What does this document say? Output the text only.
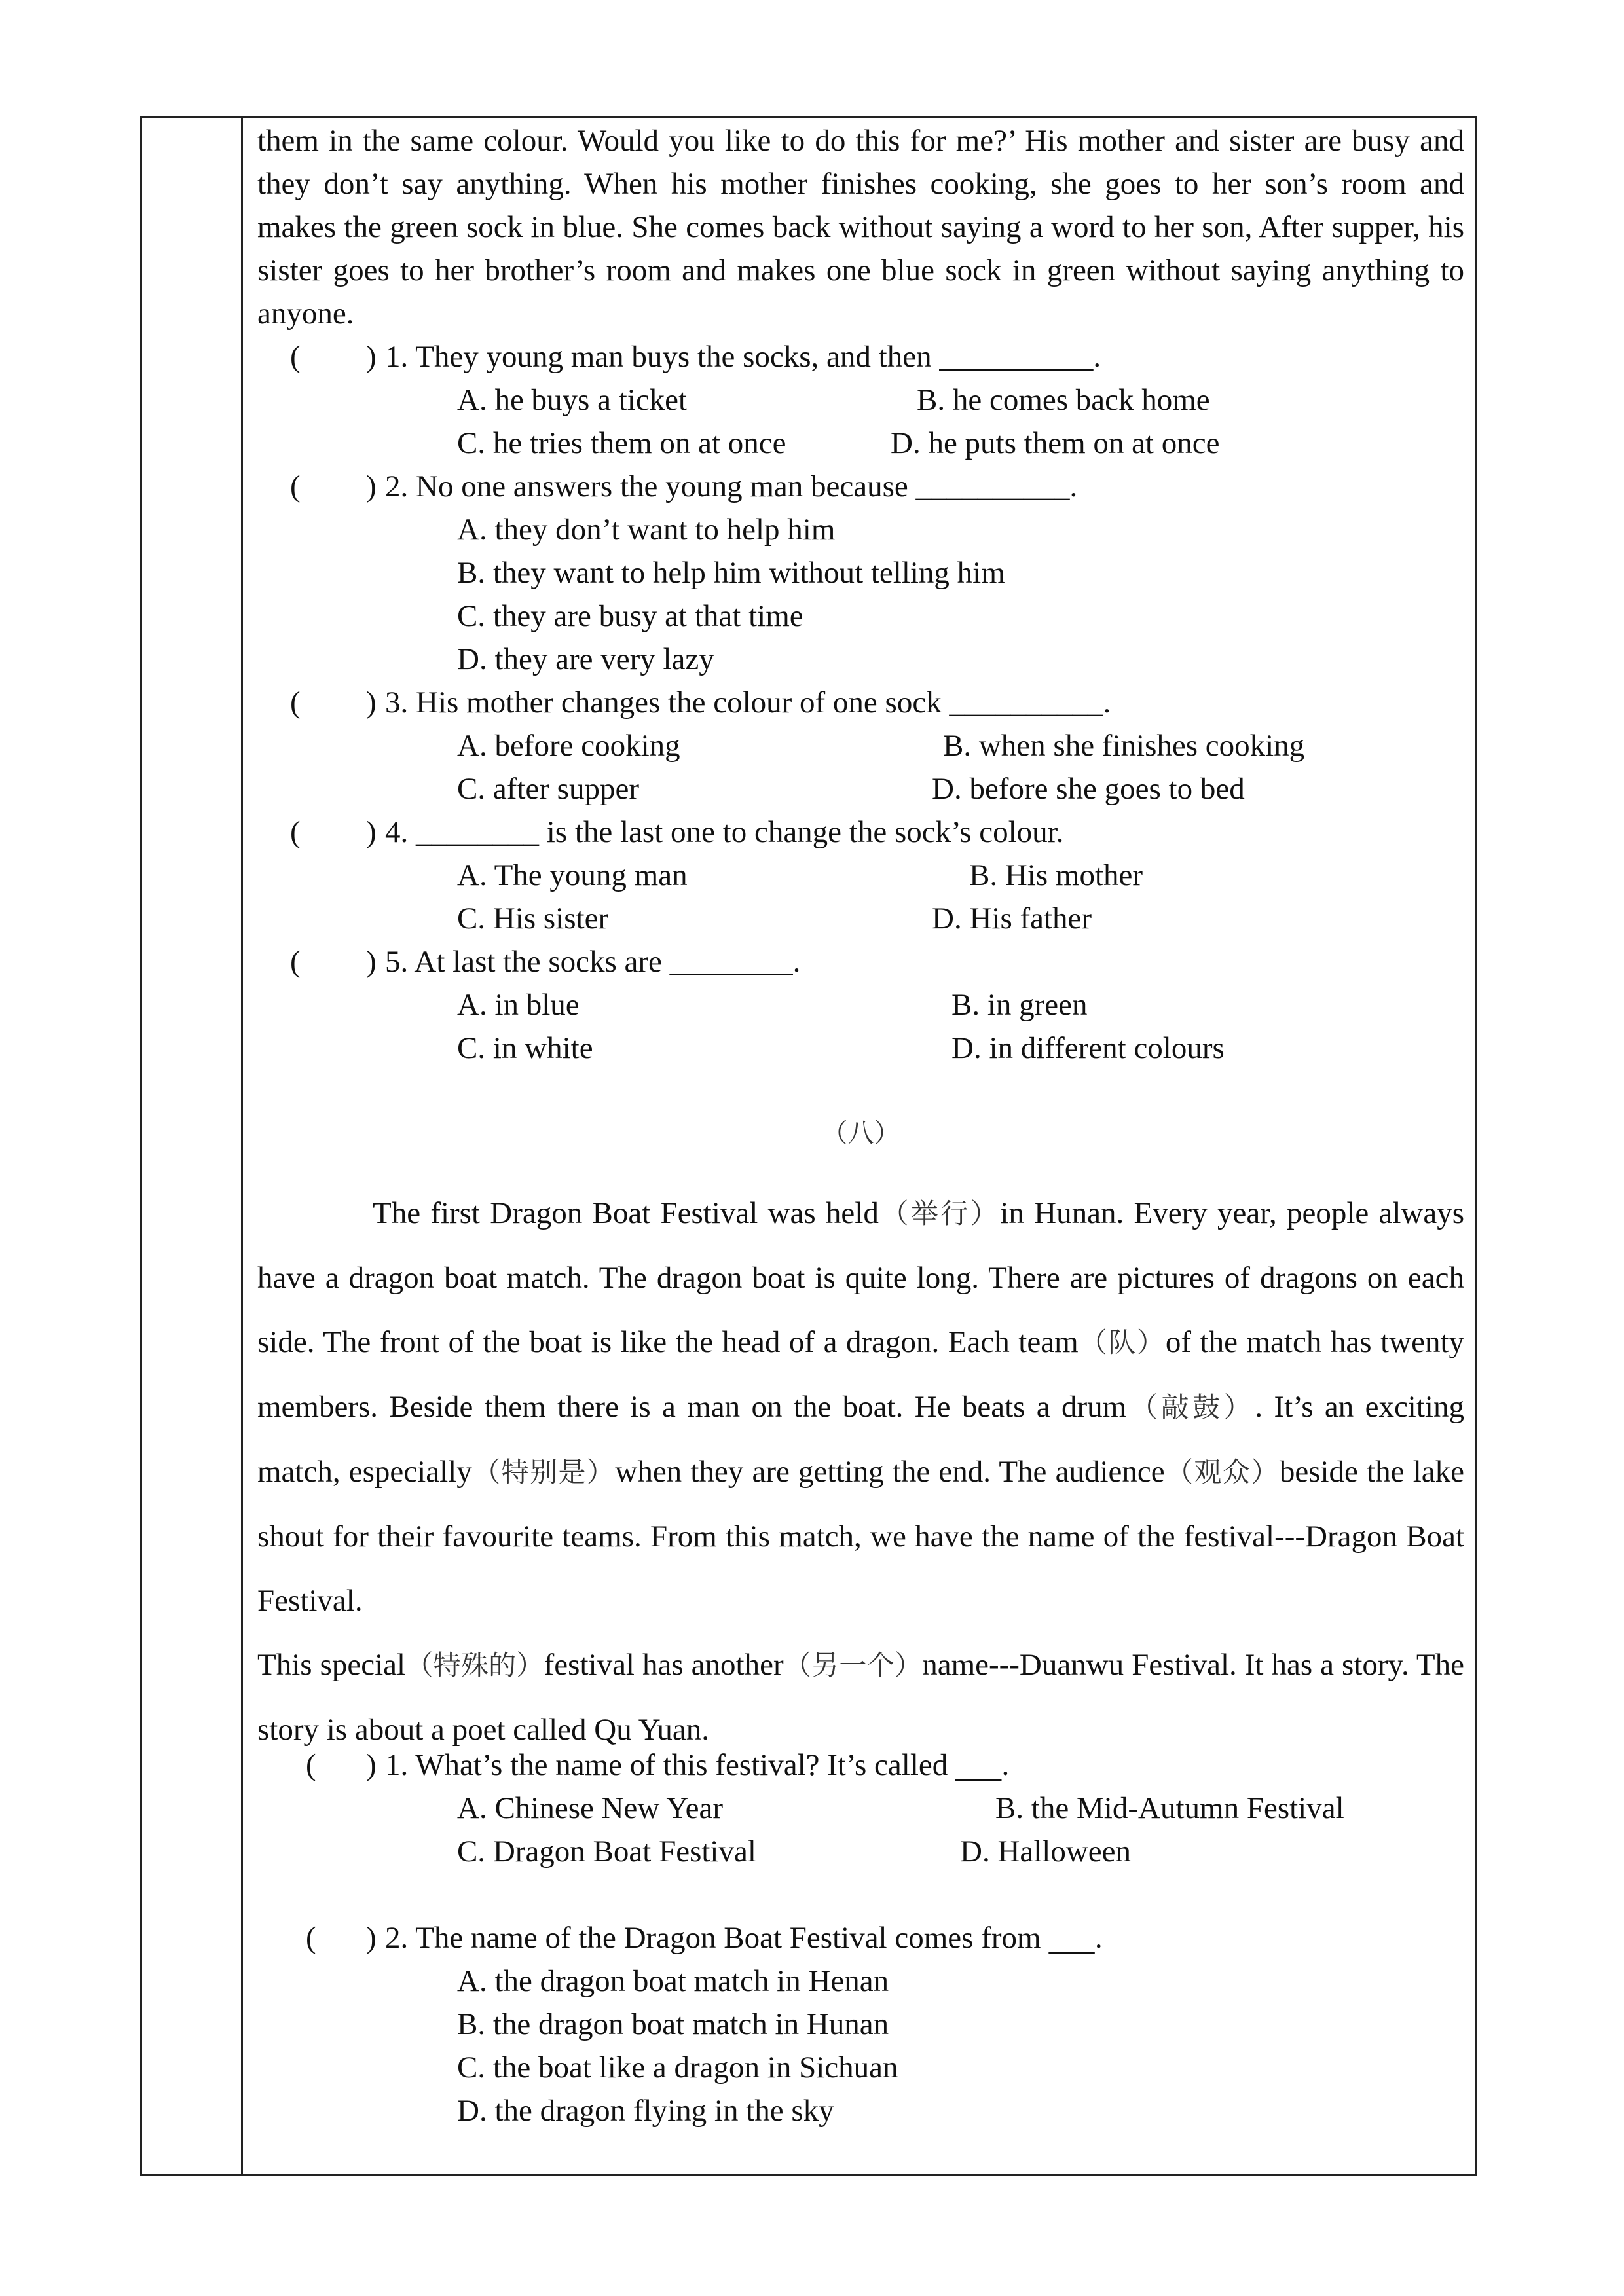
them in the same colour. Would you like to do this for me?’ His mother and sister are busy and they don’t say anything. When his mother finishes cooking, she goes to her son’s room and makes the green sock in blue. She comes back without saying a word to her son, After supper, his sister goes to her brother’s room and makes one blue sock in green without saying anything to anyone.

( ) 1. They young man buys the socks, and then __________.
A. he buys a ticket	B. he comes back home
C. he tries them on at once	D. he puts them on at once
( ) 2. No one answers the young man because __________.
A. they don’t want to help him
B. they want to help him without telling him
C. they are busy at that time
D. they are very lazy
( ) 3. His mother changes the colour of one sock __________.
A. before cooking	B. when she finishes cooking
C. after supper	D. before she goes to bed
( ) 4. ________ is the last one to change the sock’s colour.
A. The young man	B. His mother
C. His sister	D. His father
( ) 5. At last the socks are ________.
A. in blue	B. in green
C. in white	D. in different colours
（八）

The first Dragon Boat Festival was held（举行）in Hunan. Every year, people always have a dragon boat match. The dragon boat is quite long. There are pictures of dragons on each side. The front of the boat is like the head of a dragon. Each team（队）of the match has twenty members. Beside them there is a man on the boat. He beats a drum（敲鼓）. It’s an exciting match, especially（特别是）when they are getting the end. The audience（观众）beside the lake shout for their favourite teams. From this match, we have the name of the festival---Dragon Boat Festival.

This special（特殊的）festival has another（另一个）name---Duanwu Festival. It has a story. The story is about a poet called Qu Yuan.

( ) 1. What’s the name of this festival? It’s called .
A. Chinese New Year	B. the Mid-Autumn Festival
C. Dragon Boat Festival	D. Halloween
( ) 2. The name of the Dragon Boat Festival comes from .
A. the dragon boat match in Henan
B. the dragon boat match in Hunan
C. the boat like a dragon in Sichuan
D. the dragon flying in the sky
